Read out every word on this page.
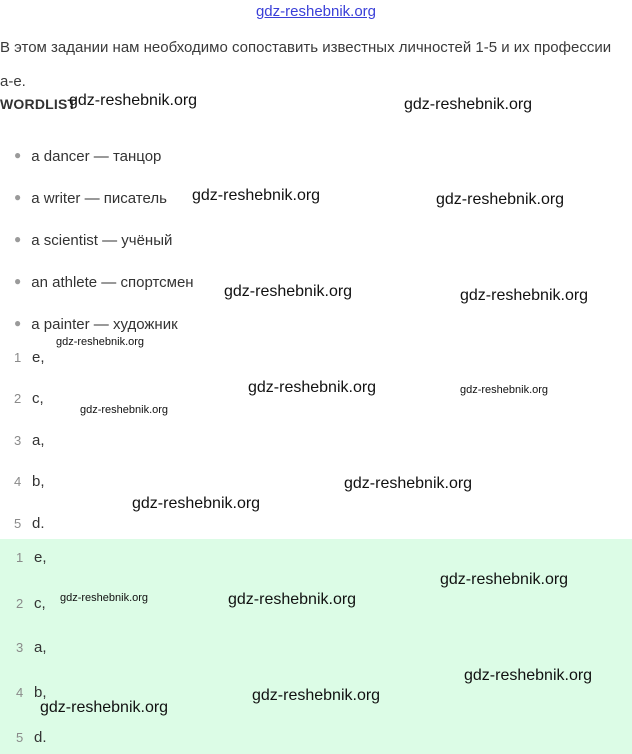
gdz-reshebnik.org
В этом задании нам необходимо сопоставить известных личностей 1-5 и их профессии а-е.
WORDLIST
● a dancer — танцор
● a writer — писатель
● a scientist — учёный
● an athlete — спортсмен
● a painter — художник
1 e,
2 c,
3 a,
4 b,
5 d.
1 e,
2 c,
3 a,
4 b,
5 d.
gdz-reshebnik.org	gdz-reshebnik.org
gdz-reshebnik.org	gdz-reshebnik.org
gdz-reshebnik.org	gdz-reshebnik.org
gdz-reshebnik.org
gdz-reshebnik.org	gdz-reshebnik.org
gdz-reshebnik.org
gdz-reshebnik.org
gdz-reshebnik.org
gdz-reshebnik.org
gdz-reshebnik.org	gdz-reshebnik.org
gdz-reshebnik.org
gdz-reshebnik.org
gdz-reshebnik.org
